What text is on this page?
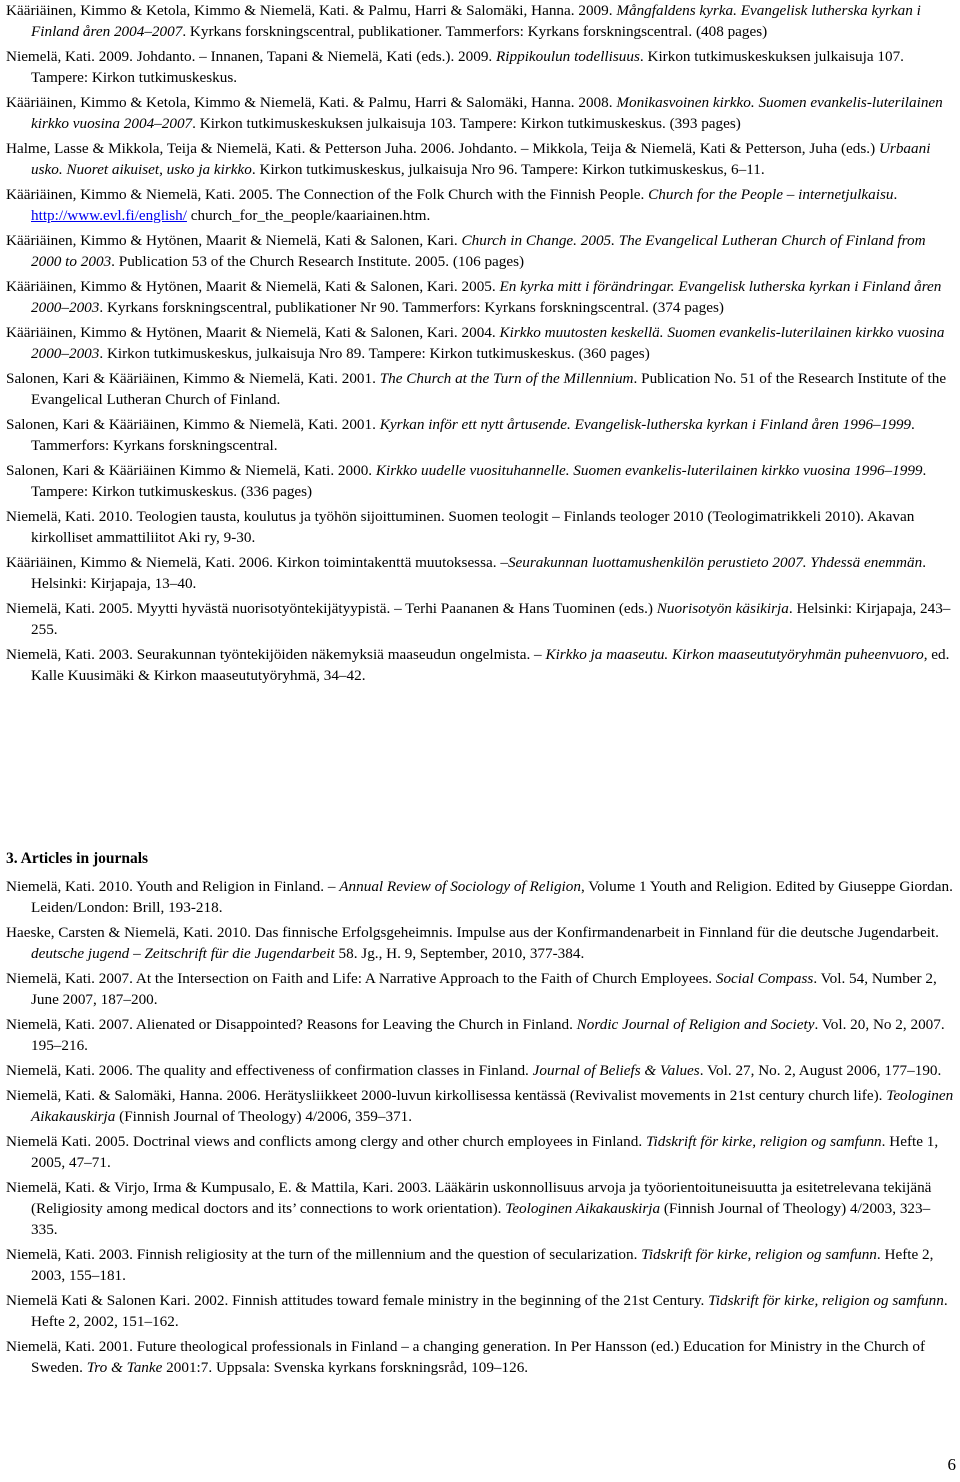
Kääriäinen, Kimmo & Ketola, Kimmo & Niemelä, Kati. & Palmu, Harri & Salomäki, Hanna. 2009. Mångfaldens kyrka. Evangelisk lutherska kyrkan i Finland åren 2004–2007. Kyrkans forskningscentral, publikationer. Tammerfors: Kyrkans forskningscentral. (408 pages)

Niemelä, Kati. 2009. Johdanto. – Innanen, Tapani & Niemelä, Kati (eds.). 2009. Rippikoulun todellisuus. Kirkon tutkimuskeskuksen julkaisuja 107. Tampere: Kirkon tutkimuskeskus.

Kääriäinen, Kimmo & Ketola, Kimmo & Niemelä, Kati. & Palmu, Harri & Salomäki, Hanna. 2008. Monikasvoinen kirkko. Suomen evankelis-luterilainen kirkko vuosina 2004–2007. Kirkon tutkimuskeskuksen julkaisuja 103. Tampere: Kirkon tutkimuskeskus. (393 pages)

Halme, Lasse & Mikkola, Teija & Niemelä, Kati. & Petterson Juha. 2006. Johdanto. – Mikkola, Teija & Niemelä, Kati & Petterson, Juha (eds.) Urbaani usko. Nuoret aikuiset, usko ja kirkko. Kirkon tutkimuskeskus, julkaisuja Nro 96. Tampere: Kirkon tutkimuskeskus, 6–11.

Kääriäinen, Kimmo & Niemelä, Kati. 2005. The Connection of the Folk Church with the Finnish People. Church for the People – internetjulkaisu. http://www.evl.fi/english/ church_for_the_people/kaariainen.htm.

Kääriäinen, Kimmo & Hytönen, Maarit & Niemelä, Kati & Salonen, Kari. Church in Change. 2005. The Evangelical Lutheran Church of Finland from 2000 to 2003. Publication 53 of the Church Research Institute. 2005. (106 pages)

Kääriäinen, Kimmo & Hytönen, Maarit & Niemelä, Kati & Salonen, Kari. 2005. En kyrka mitt i förändringar. Evangelisk lutherska kyrkan i Finland åren 2000–2003. Kyrkans forskningscentral, publikationer Nr 90. Tammerfors: Kyrkans forskningscentral. (374 pages)

Kääriäinen, Kimmo & Hytönen, Maarit & Niemelä, Kati & Salonen, Kari. 2004. Kirkko muutosten keskellä. Suomen evankelis-luterilainen kirkko vuosina 2000–2003. Kirkon tutkimuskeskus, julkaisuja Nro 89. Tampere: Kirkon tutkimuskeskus. (360 pages)

Salonen, Kari & Kääriäinen, Kimmo & Niemelä, Kati. 2001. The Church at the Turn of the Millennium. Publication No. 51 of the Research Institute of the Evangelical Lutheran Church of Finland.

Salonen, Kari & Kääriäinen, Kimmo & Niemelä, Kati. 2001. Kyrkan inför ett nytt årtusende. Evangelisk-lutherska kyrkan i Finland åren 1996–1999. Tammerfors: Kyrkans forskningscentral.

Salonen, Kari & Kääriäinen Kimmo & Niemelä, Kati. 2000. Kirkko uudelle vuosituhannelle. Suomen evankelis-luterilainen kirkko vuosina 1996–1999. Tampere: Kirkon tutkimuskeskus. (336 pages)

Niemelä, Kati. 2010. Teologien tausta, koulutus ja työhön sijoittuminen. Suomen teologit – Finlands teologer 2010 (Teologimatrikkeli 2010). Akavan kirkolliset ammattiliitot Aki ry, 9-30.

Kääriäinen, Kimmo & Niemelä, Kati. 2006. Kirkon toimintakenttä muutoksessa. –Seurakunnan luottamushenkilön perustieto 2007. Yhdessä enemmän. Helsinki: Kirjapaja, 13–40.

Niemelä, Kati. 2005. Myytti hyvästä nuorisotyöntekijätyypistä. – Terhi Paananen & Hans Tuominen (eds.) Nuorisotyön käsikirja. Helsinki: Kirjapaja, 243–255.

Niemelä, Kati. 2003. Seurakunnan työntekijöiden näkemyksiä maaseudun ongelmista. – Kirkko ja maaseutu. Kirkon maaseututyöryhmän puheenvuoro, ed. Kalle Kuusimäki & Kirkon maaseututyöryhmä, 34–42.

3. Articles in journals

Niemelä, Kati. 2010. Youth and Religion in Finland. – Annual Review of Sociology of Religion, Volume 1 Youth and Religion. Edited by Giuseppe Giordan. Leiden/London: Brill, 193-218.

Haeske, Carsten & Niemelä, Kati. 2010. Das finnische Erfolgsgeheimnis. Impulse aus der Konfirmandenarbeit in Finnland für die deutsche Jugendarbeit. deutsche jugend – Zeitschrift für die Jugendarbeit 58. Jg., H. 9, September, 2010, 377-384.

Niemelä, Kati. 2007. At the Intersection on Faith and Life: A Narrative Approach to the Faith of Church Employees. Social Compass. Vol. 54, Number 2, June 2007, 187–200.

Niemelä, Kati. 2007. Alienated or Disappointed? Reasons for Leaving the Church in Finland. Nordic Journal of Religion and Society. Vol. 20, No 2, 2007. 195–216.

Niemelä, Kati. 2006. The quality and effectiveness of confirmation classes in Finland. Journal of Beliefs & Values. Vol. 27, No. 2, August 2006, 177–190.

Niemelä, Kati. & Salomäki, Hanna. 2006. Herätysliikkeet 2000-luvun kirkollisessa kentässä (Revivalist movements in 21st century church life). Teologinen Aikakauskirja (Finnish Journal of Theology) 4/2006, 359–371.

Niemelä Kati. 2005. Doctrinal views and conflicts among clergy and other church employees in Finland. Tidskrift för kirke, religion og samfunn. Hefte 1, 2005, 47–71.

Niemelä, Kati. & Virjo, Irma & Kumpusalo, E. & Mattila, Kari. 2003. Lääkärin uskonnollisuus arvoja ja työorientoituneisuutta ja esitetrelevana tekijänä (Religiosity among medical doctors and its’ connections to work orientation). Teologinen Aikakauskirja (Finnish Journal of Theology) 4/2003, 323–335.

Niemelä, Kati. 2003. Finnish religiosity at the turn of the millennium and the question of secularization. Tidskrift för kirke, religion og samfunn. Hefte 2, 2003, 155–181.

Niemelä Kati & Salonen Kari. 2002. Finnish attitudes toward female ministry in the beginning of the 21st Century. Tidskrift för kirke, religion og samfunn. Hefte 2, 2002, 151–162.

Niemelä, Kati. 2001. Future theological professionals in Finland – a changing generation. In Per Hansson (ed.) Education for Ministry in the Church of Sweden. Tro & Tanke 2001:7. Uppsala: Svenska kyrkans forskningsråd, 109–126.

6
